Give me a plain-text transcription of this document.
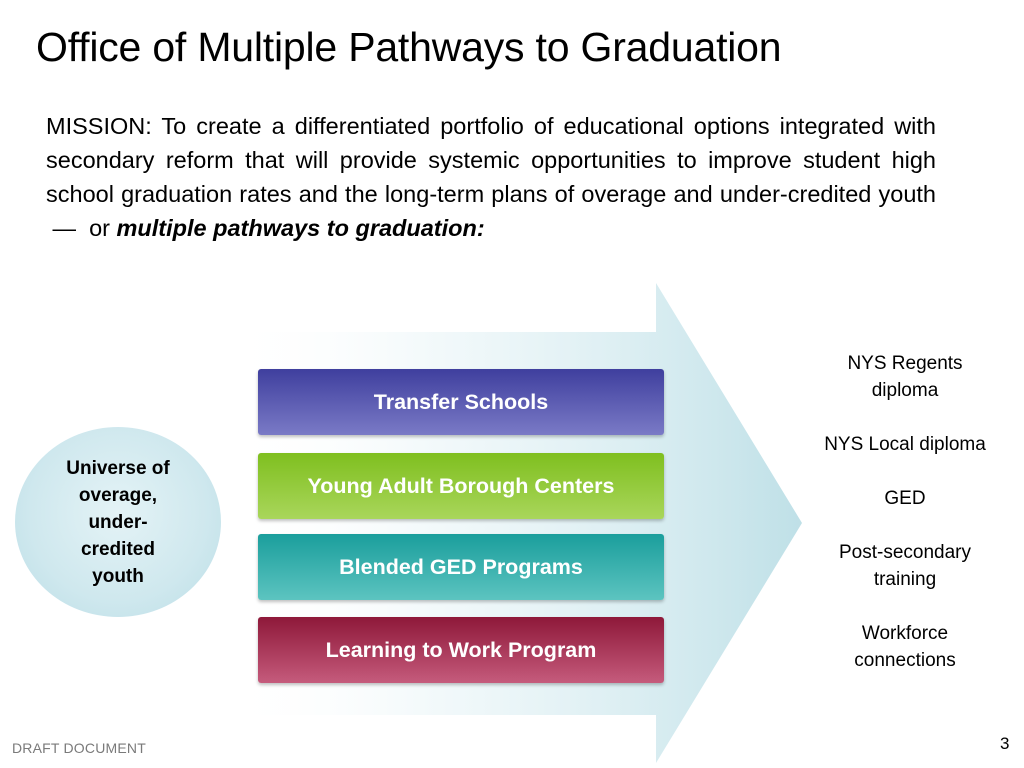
Office of Multiple Pathways to Graduation

MISSION: To create a differentiated portfolio of educational options integrated with secondary reform that will provide systemic opportunities to improve student high school graduation rates and the long-term plans of overage and under-credited youth  —  or multiple pathways to graduation:

Universe of overage, under-credited youth
Transfer Schools
Young Adult Borough Centers
Blended GED Programs
Learning to Work Program

NYS Regents diploma

NYS Local diploma

GED

Post-secondary training

Workforce connections

DRAFT DOCUMENT	3
